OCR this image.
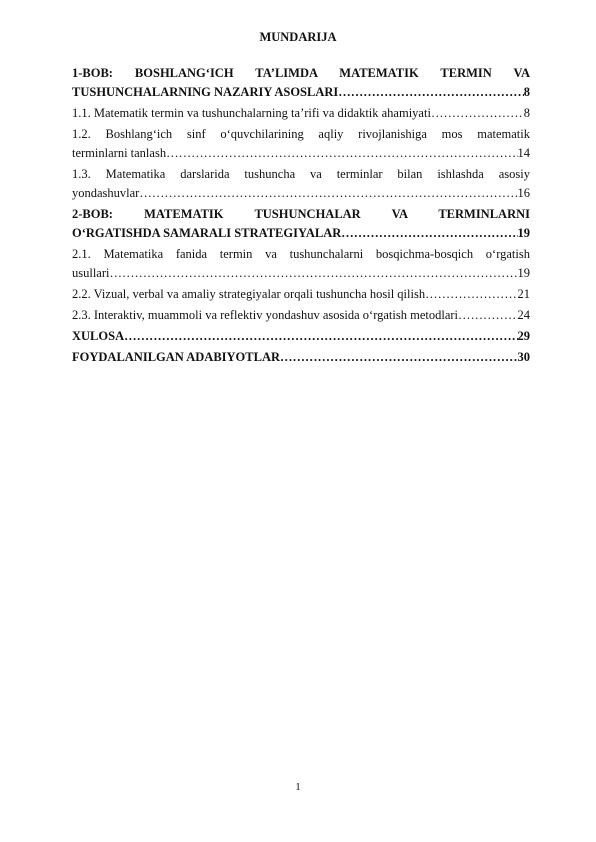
MUNDARIJA
1-BOB: BOSHLANG‘ICH TA’LIMDA MATEMATIK TERMIN VA
TUSHUNCHALARNING NAZARIY ASOSLARI ……………………………………………………………………………………………………………………………………………………………………………	8
1.1. Matematik termin va tushunchalarning ta’rifi va didaktik ahamiyati ……………………………………………………………………………………………………………………………………………………………………………	8
1.2. Boshlang‘ich sinf o‘quvchilarining aqliy rivojlanishiga mos matematik
terminlarni tanlash ……………………………………………………………………………………………………………………………………………………………………………	14
1.3. Matematika darslarida tushuncha va terminlar bilan ishlashda asosiy
yondashuvlar ……………………………………………………………………………………………………………………………………………………………………………	16
2-BOB: MATEMATIK TUSHUNCHALAR VA TERMINLARNI
O‘RGATISHDA SAMARALI STRATEGIYALAR ……………………………………………………………………………………………………………………………………………………………………………	19
2.1. Matematika fanida termin va tushunchalarni bosqichma-bosqich o‘rgatish
usullari ……………………………………………………………………………………………………………………………………………………………………………	19
2.2. Vizual, verbal va amaliy strategiyalar orqali tushuncha hosil qilish ……………………………………………………………………………………………………………………………………………………………………………	21
2.3. Interaktiv, muammoli va reflektiv yondashuv asosida o‘rgatish metodlari ……………………………………………………………………………………………………………………………………………………………………………	24
XULOSA ……………………………………………………………………………………………………………………………………………………………………………	29
FOYDALANILGAN ADABIYOTLAR ……………………………………………………………………………………………………………………………………………………………………………	30
1
